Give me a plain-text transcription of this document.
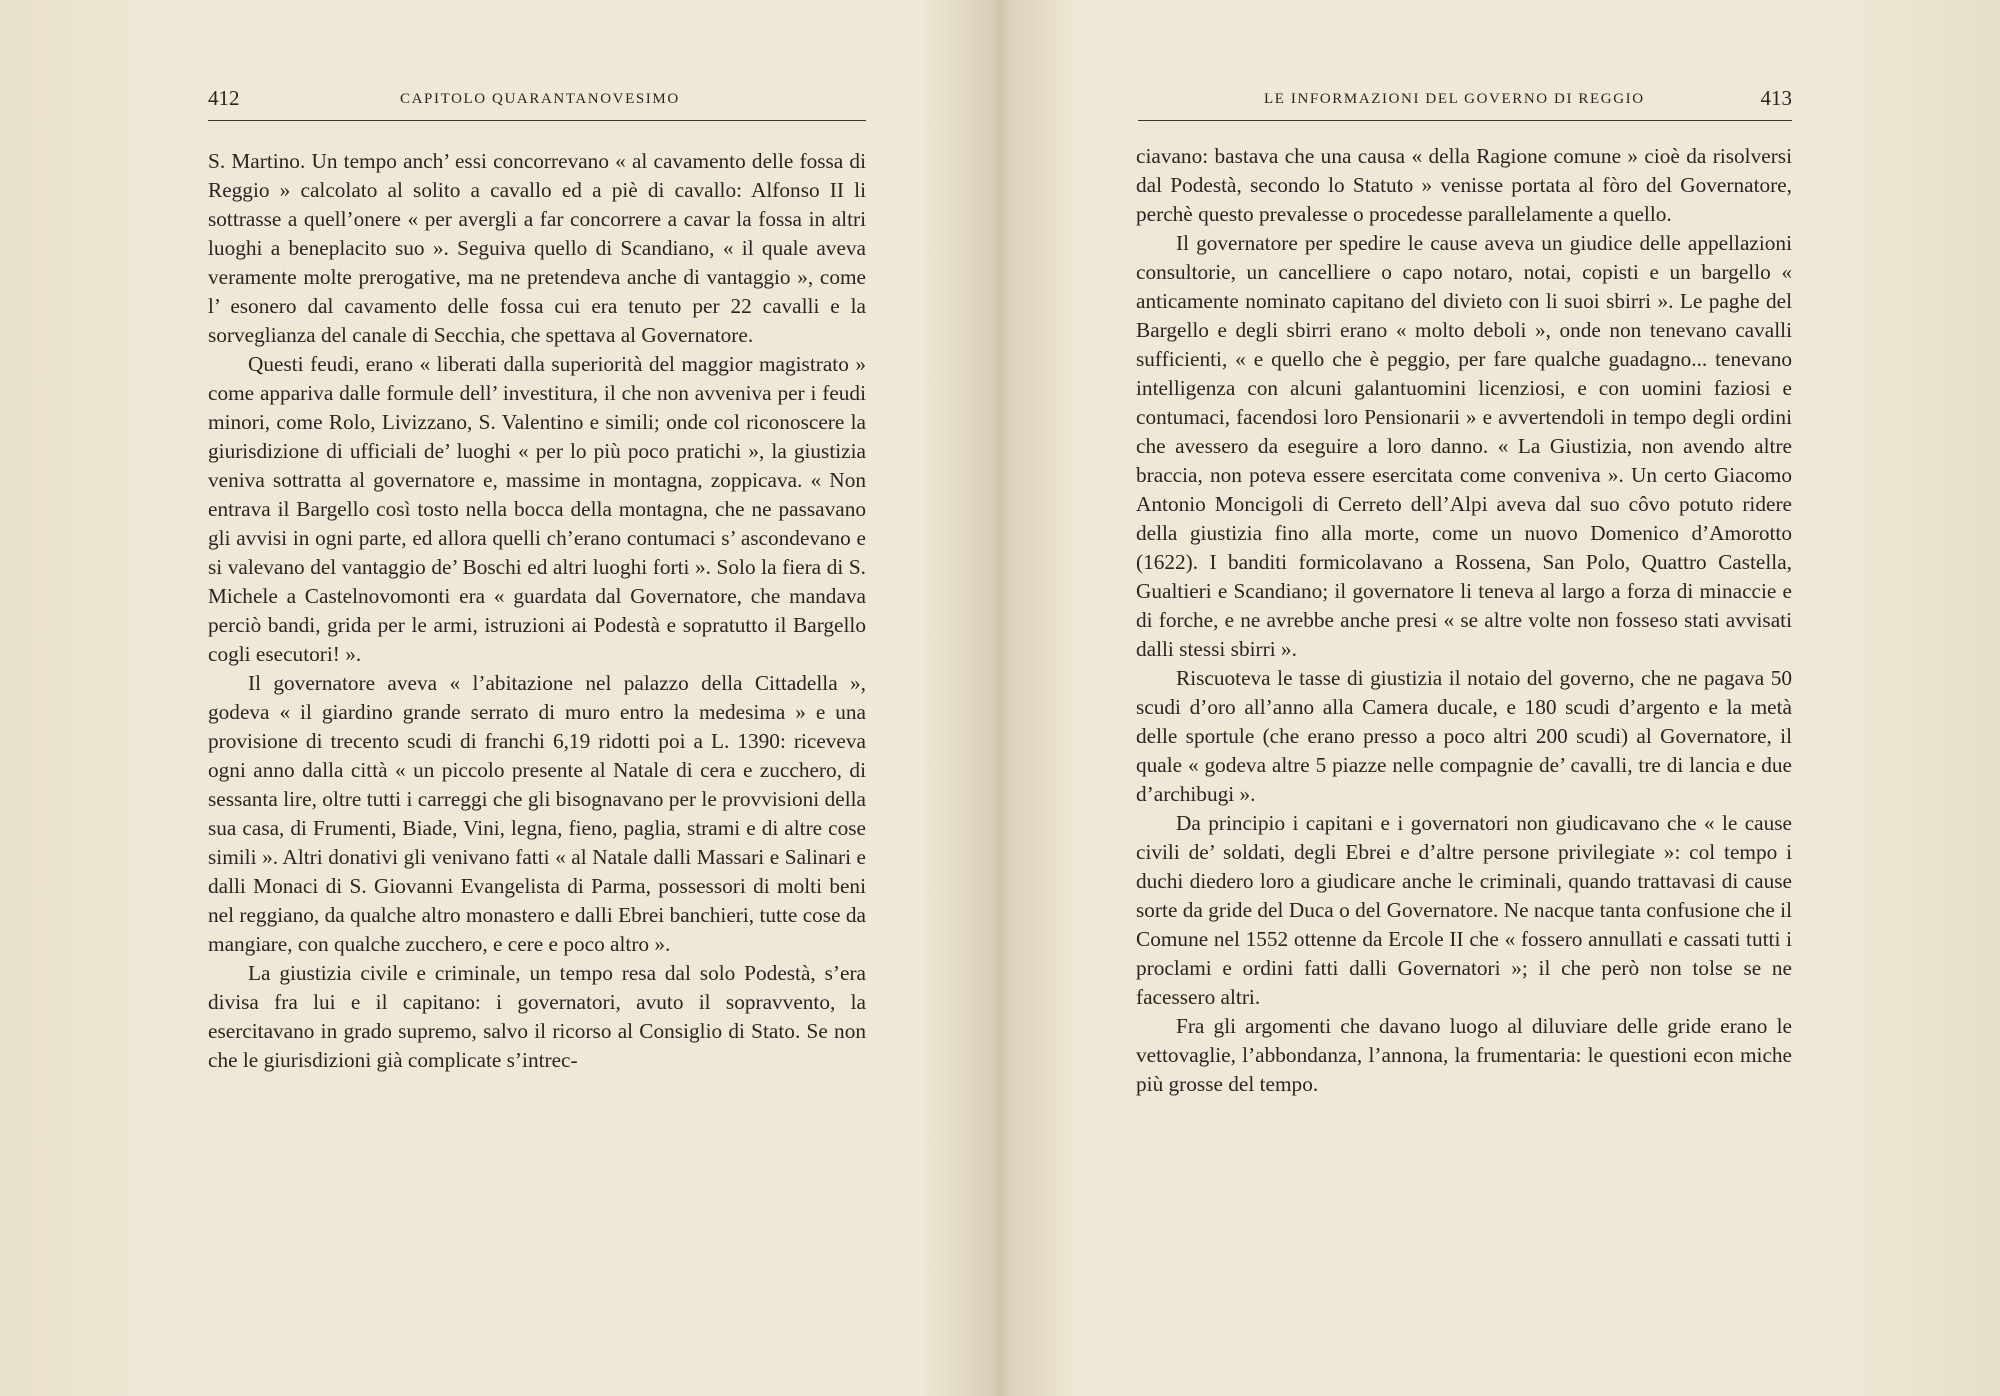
412	CAPITOLO QUARANTANOVESIMO

S. Martino. Un tempo anch’ essi concorrevano « al cavamento delle fossa di Reggio » calcolato al solito a cavallo ed a piè di cavallo: Alfonso II li sottrasse a quell’onere « per avergli a far concorrere a cavar la fossa in altri luoghi a beneplacito suo ». Seguiva quello di Scandiano, « il quale aveva veramente molte prerogative, ma ne pretendeva anche di vantaggio », come l’ esonero dal cavamento delle fossa cui era tenuto per 22 cavalli e la sorveglianza del canale di Secchia, che spettava al Governatore.

Questi feudi, erano « liberati dalla superiorità del maggior magistrato » come appariva dalle formule dell’ investitura, il che non avveniva per i feudi minori, come Rolo, Livizzano, S. Valentino e simili; onde col riconoscere la giurisdizione di ufficiali de’ luoghi « per lo più poco pratichi », la giustizia veniva sottratta al governatore e, massime in montagna, zoppicava. « Non entrava il Bargello così tosto nella bocca della montagna, che ne passavano gli avvisi in ogni parte, ed allora quelli ch’erano contumaci s’ ascondevano e si valevano del vantaggio de’ Boschi ed altri luoghi forti ». Solo la fiera di S. Michele a Castelnovomonti era « guardata dal Governatore, che mandava perciò bandi, grida per le armi, istruzioni ai Podestà e sopratutto il Bargello cogli esecutori! ».

Il governatore aveva « l’abitazione nel palazzo della Cittadella », godeva « il giardino grande serrato di muro entro la medesima » e una provisione di trecento scudi di franchi 6,19 ridotti poi a L. 1390: riceveva ogni anno dalla città « un piccolo presente al Natale di cera e zucchero, di sessanta lire, oltre tutti i carreggi che gli bisognavano per le provvisioni della sua casa, di Frumenti, Biade, Vini, legna, fieno, paglia, strami e di altre cose simili ». Altri donativi gli venivano fatti « al Natale dalli Massari e Salinari e dalli Monaci di S. Giovanni Evangelista di Parma, possessori di molti beni nel reggiano, da qualche altro monastero e dalli Ebrei banchieri, tutte cose da mangiare, con qualche zucchero, e cere e poco altro ».

La giustizia civile e criminale, un tempo resa dal solo Podestà, s’era divisa fra lui e il capitano: i governatori, avuto il sopravvento, la esercitavano in grado supremo, salvo il ricorso al Consiglio di Stato. Se non che le giurisdizioni già complicate s’intrec-

LE INFORMAZIONI DEL GOVERNO DI REGGIO	413

ciavano: bastava che una causa « della Ragione comune » cioè da risolversi dal Podestà, secondo lo Statuto » venisse portata al fòro del Governatore, perchè questo prevalesse o procedesse parallelamente a quello.

Il governatore per spedire le cause aveva un giudice delle appellazioni consultorie, un cancelliere o capo notaro, notai, copisti e un bargello « anticamente nominato capitano del divieto con li suoi sbirri ». Le paghe del Bargello e degli sbirri erano « molto deboli », onde non tenevano cavalli sufficienti, « e quello che è peggio, per fare qualche guadagno... tenevano intelligenza con alcuni galantuomini licenziosi, e con uomini faziosi e contumaci, facendosi loro Pensionarii » e avvertendoli in tempo degli ordini che avessero da eseguire a loro danno. « La Giustizia, non avendo altre braccia, non poteva essere esercitata come conveniva ». Un certo Giacomo Antonio Moncigoli di Cerreto dell’Alpi aveva dal suo côvo potuto ridere della giustizia fino alla morte, come un nuovo Domenico d’Amorotto (1622). I banditi formicolavano a Rossena, San Polo, Quattro Castella, Gualtieri e Scandiano; il governatore li teneva al largo a forza di minaccie e di forche, e ne avrebbe anche presi « se altre volte non fosseso stati avvisati dalli stessi sbirri ».

Riscuoteva le tasse di giustizia il notaio del governo, che ne pagava 50 scudi d’oro all’anno alla Camera ducale, e 180 scudi d’argento e la metà delle sportule (che erano presso a poco altri 200 scudi) al Governatore, il quale « godeva altre 5 piazze nelle compagnie de’ cavalli, tre di lancia e due d’archibugi ».

Da principio i capitani e i governatori non giudicavano che « le cause civili de’ soldati, degli Ebrei e d’altre persone privilegiate »: col tempo i duchi diedero loro a giudicare anche le criminali, quando trattavasi di cause sorte da gride del Duca o del Governatore. Ne nacque tanta confusione che il Comune nel 1552 ottenne da Ercole II che « fossero annullati e cassati tutti i proclami e ordini fatti dalli Governatori »; il che però non tolse se ne facessero altri.

Fra gli argomenti che davano luogo al diluviare delle gride erano le vettovaglie, l’abbondanza, l’annona, la frumentaria: le questioni econ miche più grosse del tempo.
